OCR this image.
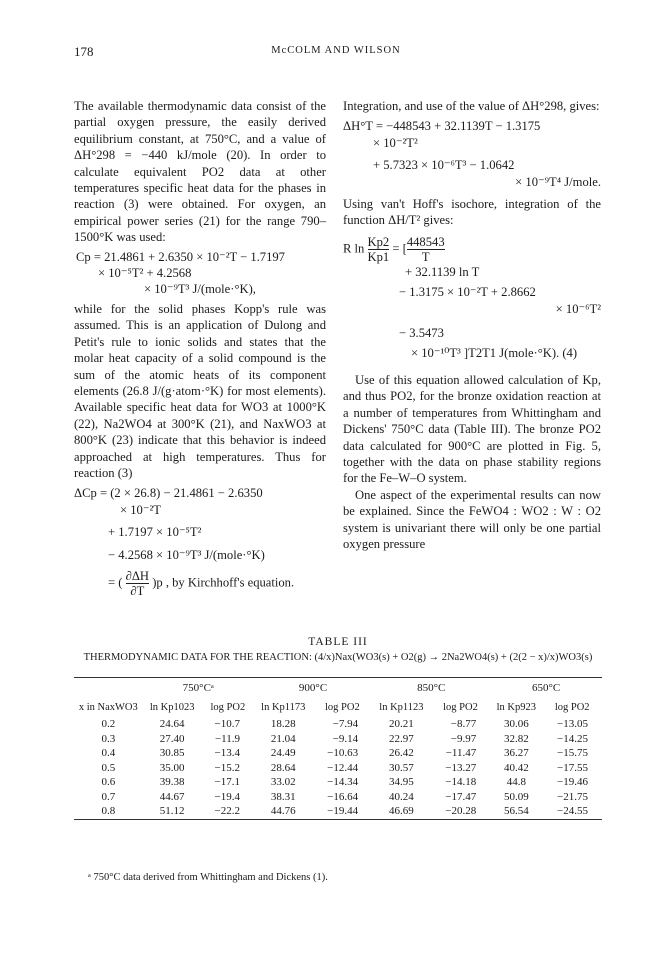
178	McCOLM AND WILSON

The available thermodynamic data consist of the partial oxygen pressure, the easily derived equilibrium constant, at 750°C, and a value of ΔH°298 = −440 kJ/mole (20). In order to calculate equivalent PO2 data at other temperatures specific heat data for the phases in reaction (3) were obtained. For oxygen, an empirical power series (21) for the range 790–1500°K was used:

Cp = 21.4861 + 2.6350 × 10⁻²T − 1.7197

× 10⁻⁵T² + 4.2568

× 10⁻⁹T³ J/(mole·°K),

while for the solid phases Kopp's rule was assumed. This is an application of Dulong and Petit's rule to ionic solids and states that the molar heat capacity of a solid compound is the sum of the atomic heats of its component elements (26.8 J/(g·atom·°K) for most elements). Available specific heat data for WO3 at 1000°K (22), Na2WO4 at 300°K (21), and NaxWO3 at 800°K (23) indicate that this behavior is indeed approached at high temperatures. Thus for reaction (3)

ΔCp = (2 × 26.8) − 21.4861 − 2.6350

× 10⁻²T

+ 1.7197 × 10⁻⁵T²

− 4.2568 × 10⁻⁹T³ J/(mole·°K)

= ( $\frac{\partial\Delta H}{\partial T} )p$ , by Kirchhoff's equation.

Integration, and use of the value of ΔH°298, gives:

ΔH°T = −448543 + 32.1139T − 1.3175

× 10⁻²T²

+ 5.7323 × 10⁻⁶T³ − 1.0642

× 10⁻⁹T⁴ J/mole.

Using van't Hoff's isochore, integration of the function ΔH/T² gives:

R $\ln \frac{Kp2}{Kp1}$ = [ $\frac{448543}{T}$

+ 32.1139 ln T

− 1.3175 × 10⁻²T + 2.8662

× 10⁻⁶T²

− 3.5473

× 10⁻¹⁰T³ ]T2T1 J(mole·°K). (4)

Use of this equation allowed calculation of Kp, and thus PO2, for the bronze oxidation reaction at a number of temperatures from Whittingham and Dickens' 750°C data (Table III). The bronze PO2 data calculated for 900°C are plotted in Fig. 5, together with the data on phase stability regions for the Fe–W–O system.

One aspect of the experimental results can now be explained. Since the FeWO4 : WO2 : W : O2 system is univariant there will only be one partial oxygen pressure

TABLE III

THERMODYNAMIC DATA FOR THE REACTION: (4/x)Nax(WO3(s) + O2(g) → 2Na2WO4(s) + (2(2 − x)/x)WO3(s)

	750°Cᵃ		900°C		850°C		650°C	
x in NaxWO3	ln Kp1023	log PO2	ln Kp1173	log PO2	ln Kp1123	log PO2	ln Kp923	log PO2
0.2	24.64	−10.7	18.28	−7.94	20.21	−8.77	30.06	−13.05
0.3	27.40	−11.9	21.04	−9.14	22.97	−9.97	32.82	−14.25
0.4	30.85	−13.4	24.49	−10.63	26.42	−11.47	36.27	−15.75
0.5	35.00	−15.2	28.64	−12.44	30.57	−13.27	40.42	−17.55
0.6	39.38	−17.1	33.02	−14.34	34.95	−14.18	44.8	−19.46
0.7	44.67	−19.4	38.31	−16.64	40.24	−17.47	50.09	−21.75
0.8	51.12	−22.2	44.76	−19.44	46.69	−20.28	56.54	−24.55
ᵃ 750°C data derived from Whittingham and Dickens (1).
